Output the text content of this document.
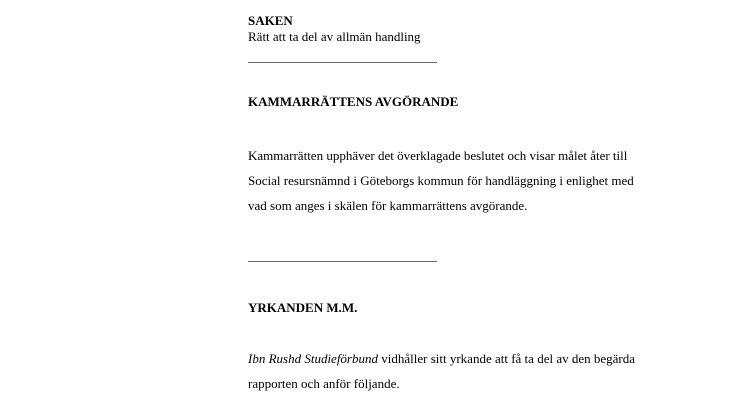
SAKEN
Rätt att ta del av allmän handling
KAMMARRÄTTENS AVGÖRANDE
Kammarrätten upphäver det överklagade beslutet och visar målet åter till
Social resursnämnd i Göteborgs kommun för handläggning i enlighet med
vad som anges i skälen för kammarrättens avgörande.
YRKANDEN M.M.
Ibn Rushd Studieförbund vidhåller sitt yrkande att få ta del av den begärda
rapporten och anför följande.
